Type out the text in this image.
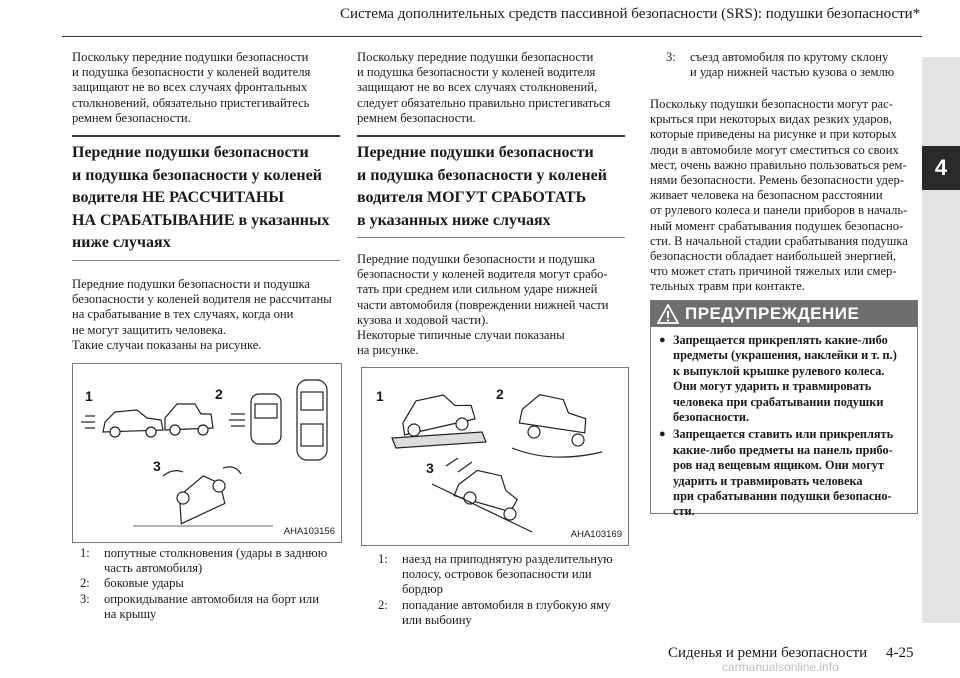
Система дополнительных средств пассивной безопасности (SRS): подушки безопасности*
4

Поскольку передние подушки безопасности

и подушка безопасности у коленей водителя

защищают не во всех случаях фронтальных

столкновений, обязательно пристегивайтесь

ремнем безопасности.

Передние подушки безопасности
и подушка безопасности у коленей
водителя НЕ РАССЧИТАНЫ
НА СРАБАТЫВАНИЕ в указанных
ниже случаях

Передние подушки безопасности и подушка

безопасности у коленей водителя не рассчитаны

на срабатывание в тех случаях, когда они

не могут защитить человека.

Такие случаи показаны на рисунке.

1	2
3
AHA103156
1:	попутные столкновения (удары в заднюю
часть автомобиля)
2:	боковые удары
3:	опрокидывание автомобиля на борт или
на крышу

Поскольку передние подушки безопасности

и подушка безопасности у коленей водителя

защищают не во всех случаях столкновений,

следует обязательно правильно пристегиваться

ремнем безопасности.

Передние подушки безопасности
и подушка безопасности у коленей
водителя МОГУТ СРАБОТАТЬ
в указанных ниже случаях

Передние подушки безопасности и подушка

безопасности у коленей водителя могут срабо-

тать при среднем или сильном ударе нижней

части автомобиля (повреждении нижней части

кузова и ходовой части).

Некоторые типичные случаи показаны

на рисунке.

1	2
3
AHA103169
1:	наезд на приподнятую разделительную
полосу, островок безопасности или
бордюр
2:	попадание автомобиля в глубокую яму
или выбоину
3:	съезд автомобиля по крутому склону
и удар нижней частью кузова о землю

Поскольку подушки безопасности могут рас-

крыться при некоторых видах резких ударов,

которые приведены на рисунке и при которых

люди в автомобиле могут сместиться со своих

мест, очень важно правильно пользоваться рем-

нями безопасности. Ремень безопасности удер-

живает человека на безопасном расстоянии

от рулевого колеса и панели приборов в началь-

ный момент срабатывания подушек безопасно-

сти. В начальной стадии срабатывания подушка

безопасности обладает наибольшей энергией,

что может стать причиной тяжелых или смер-

тельных травм при контакте.

ПРЕДУПРЕЖДЕНИЕ
● Запрещается прикреплять какие-либо
предметы (украшения, наклейки и т. п.)
к выпуклой крышке рулевого колеса.
Они могут ударить и травмировать
человека при срабатывании подушки
безопасности.
● Запрещается ставить или прикреплять
какие-либо предметы на панель прибо-
ров над вещевым ящиком. Они могут
ударить и травмировать человека
при срабатывании подушки безопасно-
сти.
Сиденья и ремни безопасности 4-25
carmanualsonline.info
